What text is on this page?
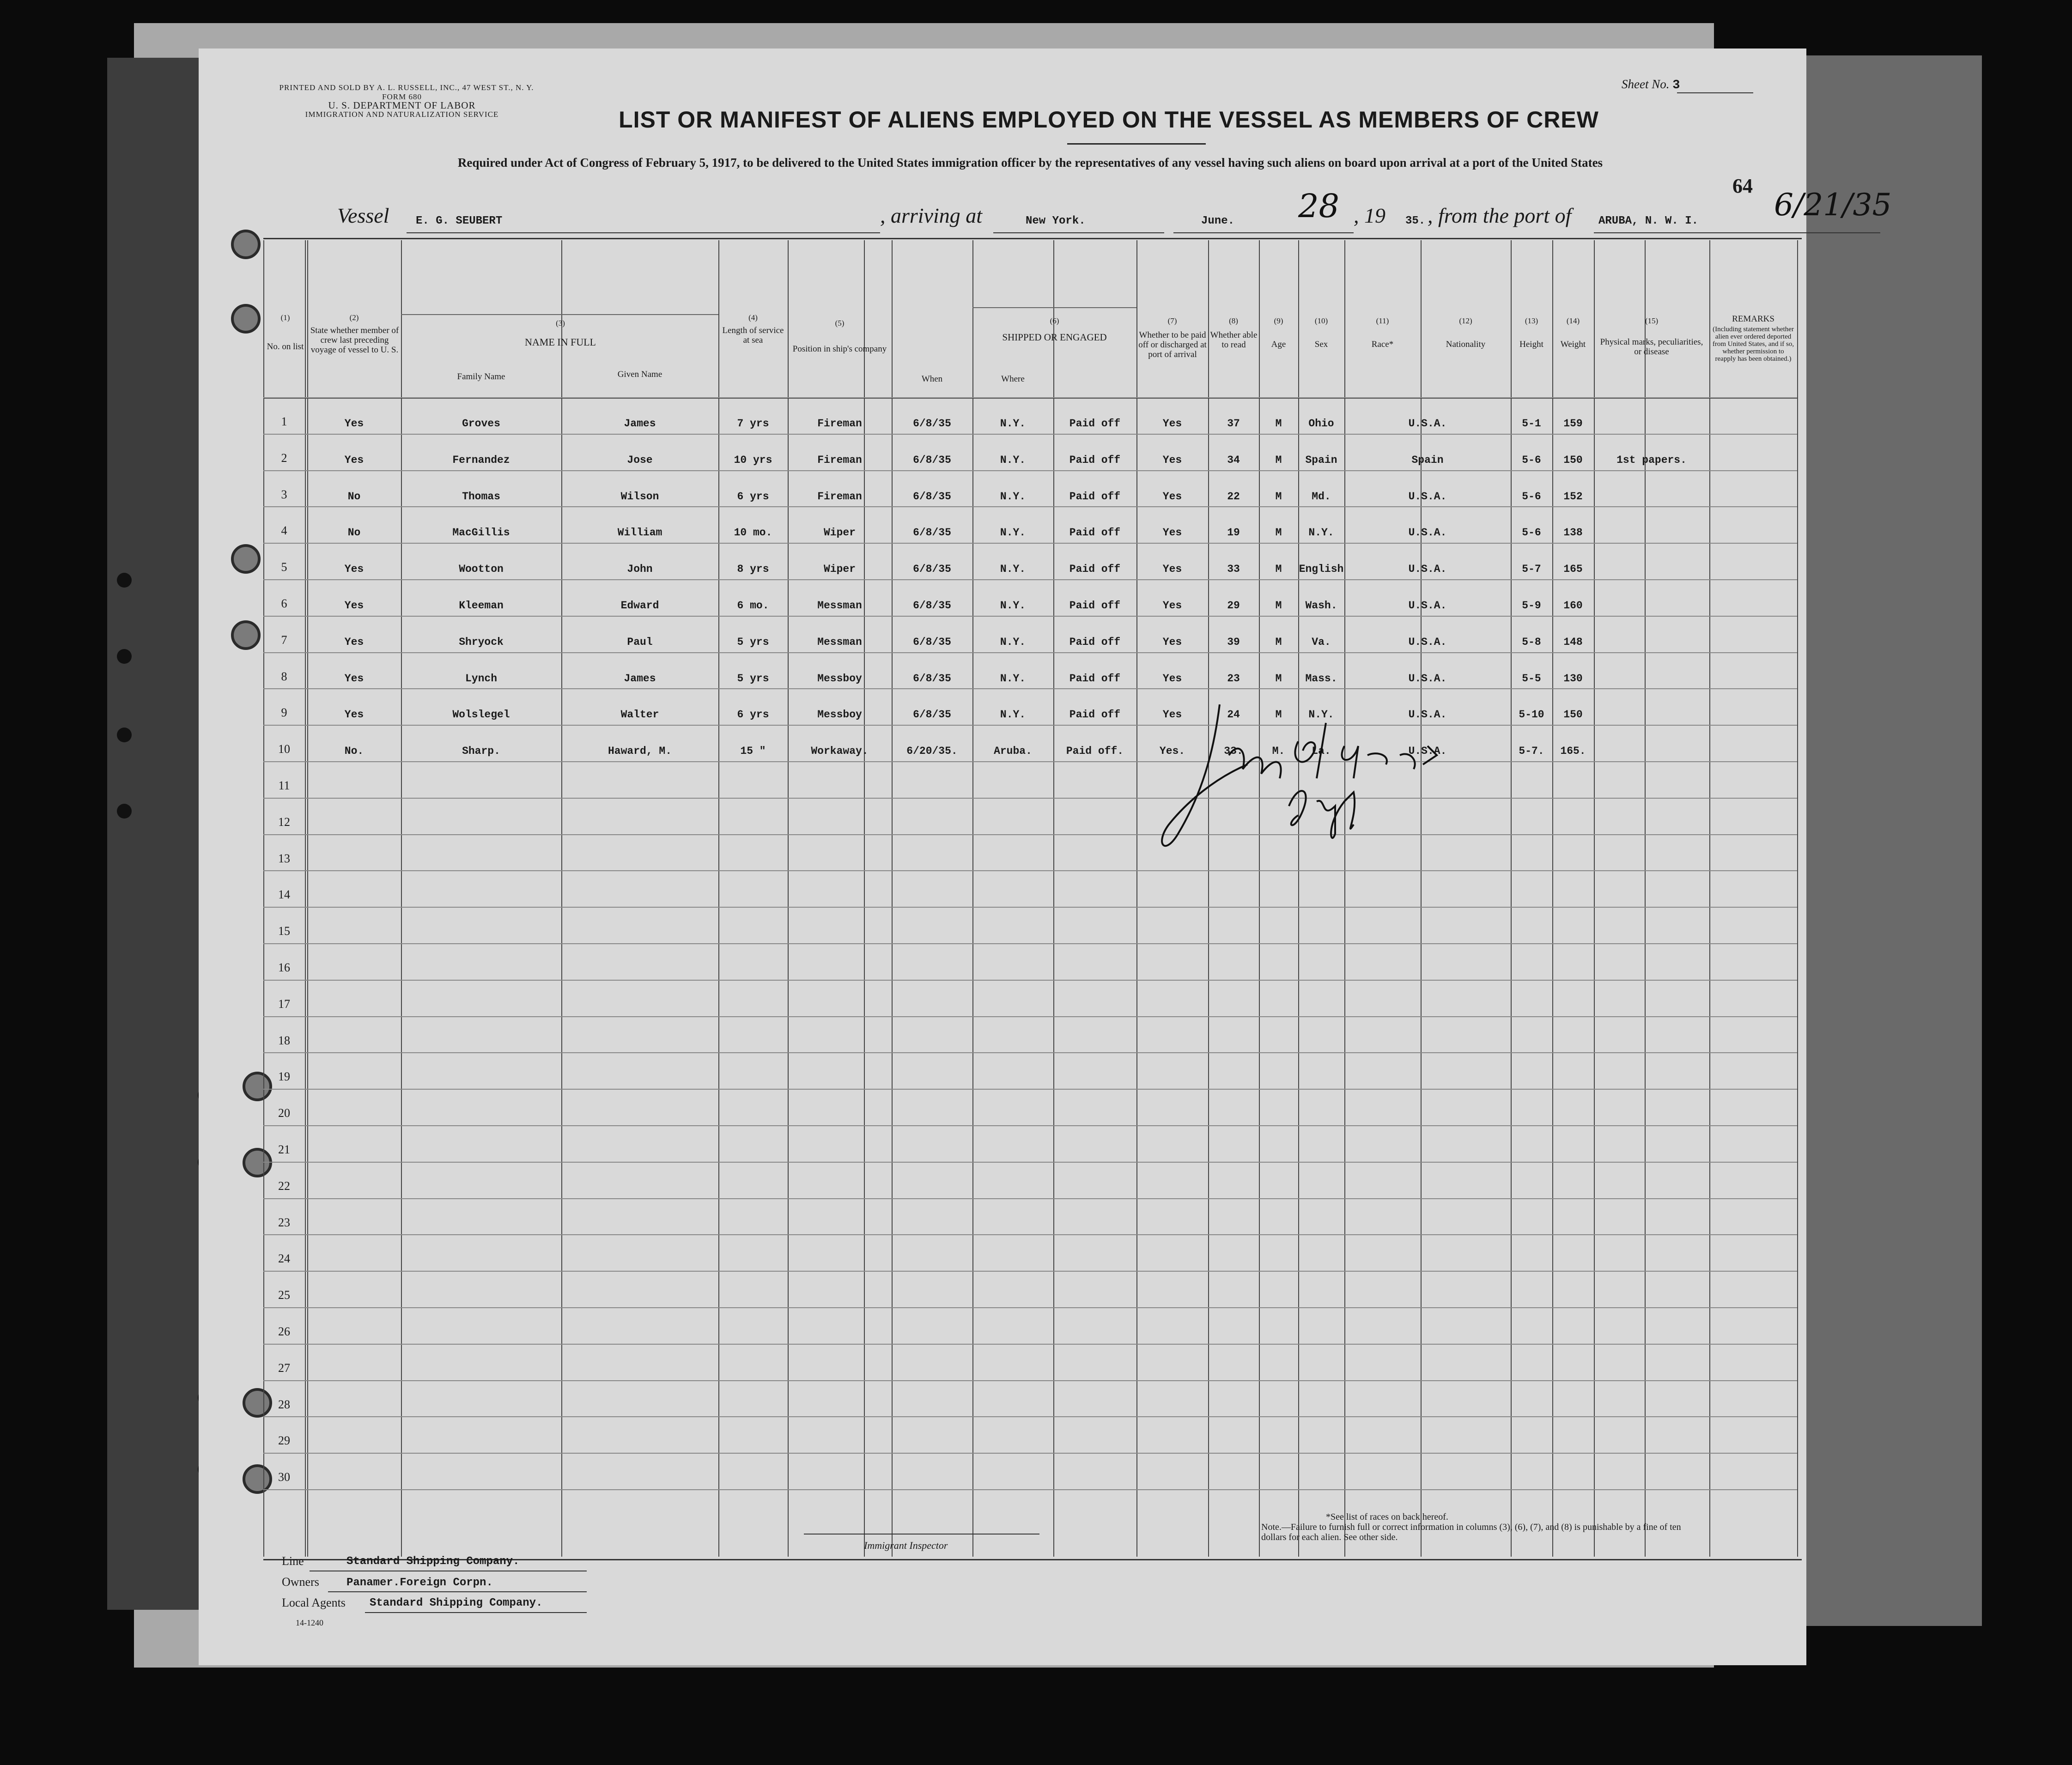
PRINTED AND SOLD BY A. L. RUSSELL, INC., 47 WEST ST., N. Y.
FORM 680
U. S. DEPARTMENT OF LABOR
IMMIGRATION AND NATURALIZATION SERVICE
Sheet No. 3
LIST OR MANIFEST OF ALIENS EMPLOYED ON THE VESSEL AS MEMBERS OF CREW
Required under Act of Congress of February 5, 1917, to be delivered to the United States immigration officer by the representatives of any vessel having such aliens on board upon arrival at a port of the United States
64
Vessel E. G. SEUBERT	, arriving at	New York.	June. 28 , 19 35. , from the port of ARUBA, N. W. I. 6/21/35
(1)
No. on list
(2)
State whether member of crew last preceding voyage of vessel to U. S.
(3)
NAME IN FULL
Family Name	Given Name
(4)
Length of service at sea
(5)
Position in ship's company
(6)
SHIPPED OR ENGAGED
When	Where
(7)
Whether to be paid off or discharged at port of arrival
(8)
Whether able to read
(9)
Age
(10)
Sex
(11)
Race*
(12)
Nationality
(13)
Height
(14)
Weight
(15)
Physical marks, peculiarities, or disease
REMARKS
(Including statement whether alien ever ordered deported from United States, and if so, whether permission to reapply has been obtained.)
1	Yes	Groves	James	7 yrs	Fireman	6/8/35	N.Y.	Paid off	Yes	37	M	Ohio	U.S.A.	5-1	159
2	Yes	Fernandez	Jose	10 yrs	Fireman	6/8/35	N.Y.	Paid off	Yes	34	M	Spain	Spain	5-6	150	1st papers.
3	No	Thomas	Wilson	6 yrs	Fireman	6/8/35	N.Y.	Paid off	Yes	22	M	Md.	U.S.A.	5-6	152
4	No	MacGillis	William	10 mo.	Wiper	6/8/35	N.Y.	Paid off	Yes	19	M	N.Y.	U.S.A.	5-6	138
5	Yes	Wootton	John	8 yrs	Wiper	6/8/35	N.Y.	Paid off	Yes	33	M	English	U.S.A.	5-7	165
6	Yes	Kleeman	Edward	6 mo.	Messman	6/8/35	N.Y.	Paid off	Yes	29	M	Wash.	U.S.A.	5-9	160
7	Yes	Shryock	Paul	5 yrs	Messman	6/8/35	N.Y.	Paid off	Yes	39	M	Va.	U.S.A.	5-8	148
8	Yes	Lynch	James	5 yrs	Messboy	6/8/35	N.Y.	Paid off	Yes	23	M	Mass.	U.S.A.	5-5	130
9	Yes	Wolslegel	Walter	6 yrs	Messboy	6/8/35	N.Y.	Paid off	Yes	24	M	N.Y.	U.S.A.	5-10	150
10	No.	Sharp.	Haward, M.	15 "	Workaway.	6/20/35.	Aruba.	Paid off.	Yes.	33.	M.	La.	U.S.A.	5-7.	165.
11
12
13
14
15
16
17
18
19
20
21
22
23
24
25
26
27
28
29
30
Line	Standard Shipping Company.
Owners Panamer.Foreign Corpn.
Local Agents Standard Shipping Company.
14-1240
Immigrant Inspector
*See list of races on back hereof.
Note.—Failure to furnish full or correct information in columns (3), (6), (7), and (8) is punishable by a fine of ten dollars for each alien. See other side.
